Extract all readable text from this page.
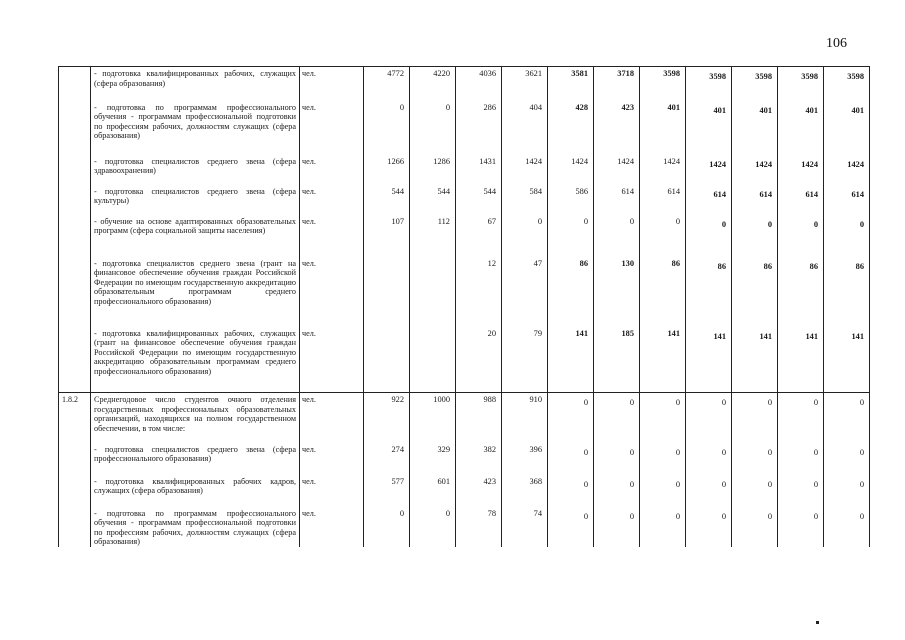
106
	- подготовка квалифицированных рабочих, служащих (сфера образования)	чел.	4772	4220	4036	3621	3581	3718	3598	3598	3598	3598	3598
	- подготовка по программам профессионального обучения - программам профессиональной подготовки по профессиям рабочих, должностям служащих (сфера образования)	чел.	0	0	286	404	428	423	401	401	401	401	401
	- подготовка специалистов среднего звена (сфера здравоохранения)	чел.	1266	1286	1431	1424	1424	1424	1424	1424	1424	1424	1424
	- подготовка специалистов среднего звена (сфера культуры)	чел.	544	544	544	584	586	614	614	614	614	614	614
	- обучение на основе адаптированных образовательных программ (сфера социальной защиты населения)	чел.	107	112	67	0	0	0	0	0	0	0	0
	- подготовка специалистов среднего звена (грант на финансовое обеспечение обучения граждан Российской Федерации по имеющим государственную аккредитацию образовательным программам среднего профессионального образования)	чел.			12	47	86	130	86	86	86	86	86
	- подготовка квалифицированных рабочих, служащих (грант на финансовое обеспечение обучения граждан Российской Федерации по имеющим государственную аккредитацию образовательным программам среднего профессионального образования)	чел.			20	79	141	185	141	141	141	141	141
1.8.2	Среднегодовое число студентов очного отделения государственных профессиональных образовательных организаций, находящихся на полном государственном обеспечении, в том числе:	чел.	922	1000	988	910	0	0	0	0	0	0	0
	- подготовка специалистов среднего звена (сфера профессионального образования)	чел.	274	329	382	396	0	0	0	0	0	0	0
	- подготовка квалифицированных рабочих кадров, служащих (сфера образования)	чел.	577	601	423	368	0	0	0	0	0	0	0
	- подготовка по программам профессионального обучения - программам профессиональной подготовки по профессиям рабочих, должностям служащих (сфера образования)	чел.	0	0	78	74	0	0	0	0	0	0	0
